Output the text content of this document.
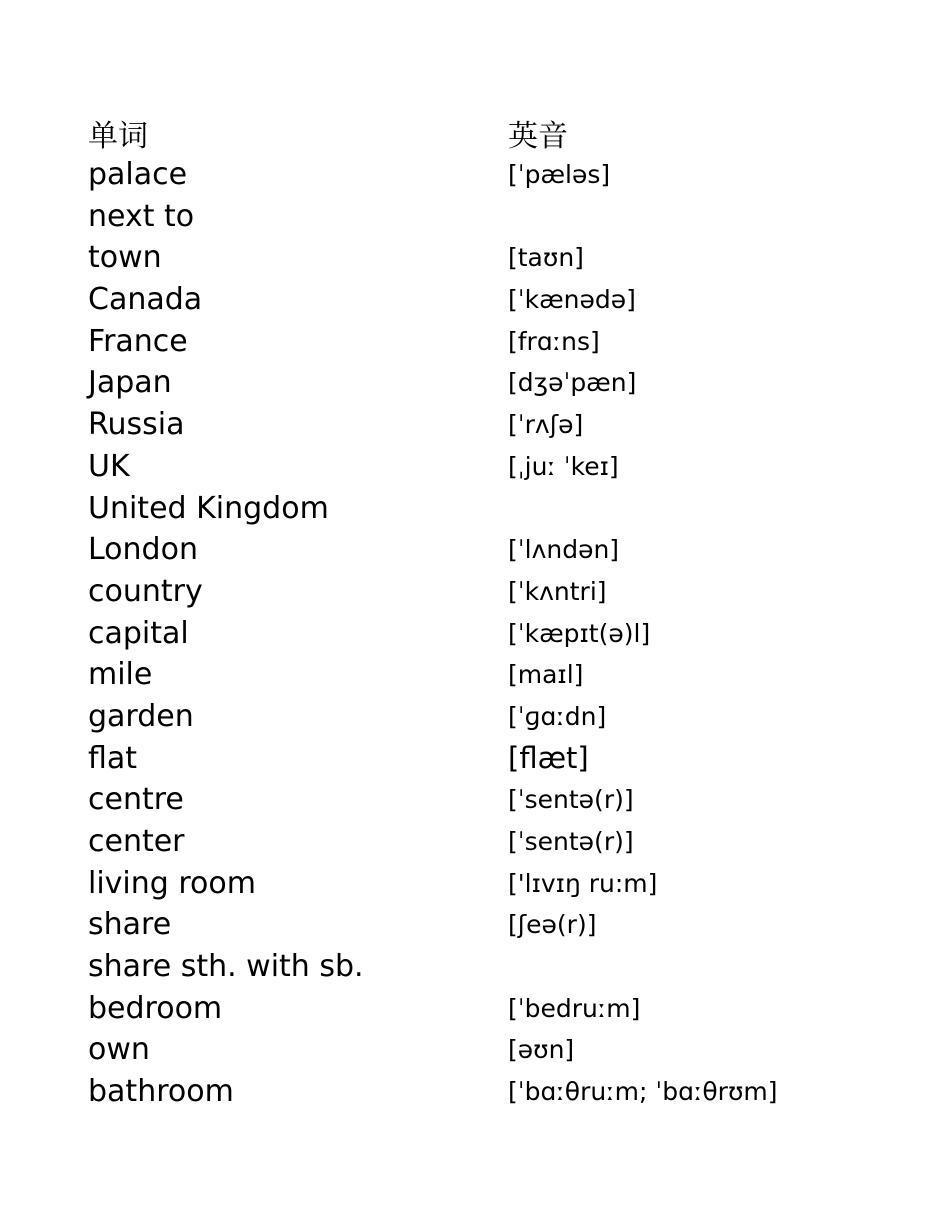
单词	英音
palace	[ˈpæləs]
next to
town	[taʊn]
Canada	[ˈkænədə]
France	[frɑːns]
Japan	[dʒəˈpæn]
Russia	[ˈrʌʃə]
UK	[ˌjuː ˈkeɪ]
United Kingdom
London	[ˈlʌndən]
country	[ˈkʌntri]
capital	[ˈkæpɪt(ə)l]
mile	[maɪl]
garden	[ˈɡɑːdn]
flat	[flæt]
centre	[ˈsentə(r)]
center	[ˈsentə(r)]
living room	['lɪvɪŋ ru:m]
share	[ʃeə(r)]
share sth. with sb.
bedroom	[ˈbedruːm]
own	[əʊn]
bathroom	[ˈbɑːθruːm; ˈbɑːθrʊm]
